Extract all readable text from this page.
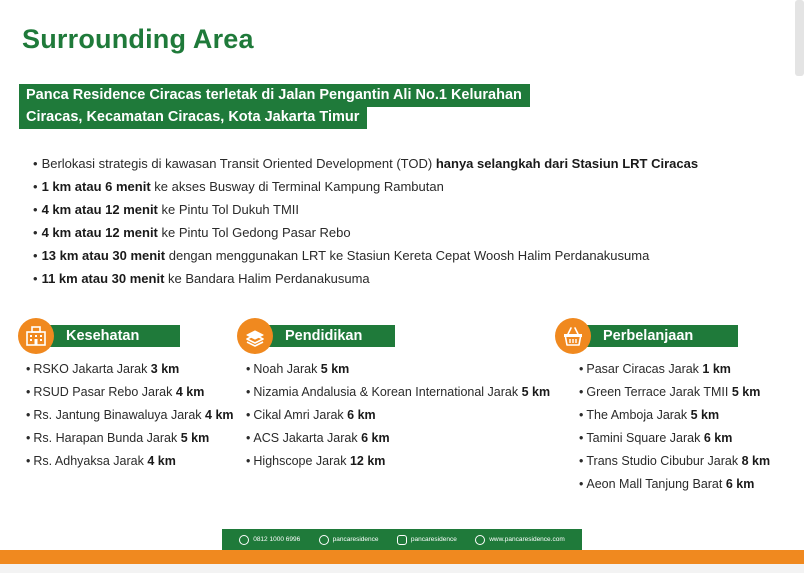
Surrounding Area
Panca Residence Ciracas terletak di Jalan Pengantin Ali No.1 Kelurahan
Ciracas, Kecamatan Ciracas, Kota Jakarta Timur
• Berlokasi strategis di kawasan Transit Oriented Development (TOD) hanya selangkah dari Stasiun LRT Ciracas
• 1 km atau 6 menit ke akses Busway di Terminal Kampung Rambutan
• 4 km atau 12 menit ke Pintu Tol Dukuh TMII
• 4 km atau 12 menit ke Pintu Tol Gedong Pasar Rebo
• 13 km atau 30 menit dengan menggunakan LRT ke Stasiun Kereta Cepat Woosh Halim Perdanakusuma
• 11 km atau 30 menit ke Bandara Halim Perdanakusuma
Kesehatan
• RSKO Jakarta Jarak 3 km
• RSUD Pasar Rebo Jarak 4 km
• Rs. Jantung Binawaluya Jarak 4 km
• Rs. Harapan Bunda Jarak 5 km
• Rs. Adhyaksa Jarak 4 km
Pendidikan
• Noah Jarak 5 km
• Nizamia Andalusia & Korean International Jarak 5 km
• Cikal Amri Jarak 6 km
• ACS Jakarta Jarak 6 km
• Highscope Jarak 12 km
Perbelanjaan
• Pasar Ciracas Jarak 1 km
• Green Terrace Jarak TMII 5 km
• The Amboja Jarak 5 km
• Tamini Square Jarak 6 km
• Trans Studio Cibubur Jarak 8 km
• Aeon Mall Tanjung Barat 6 km
0812 1000 6996	pancaresidence	pancaresidence	www.pancaresidence.com
